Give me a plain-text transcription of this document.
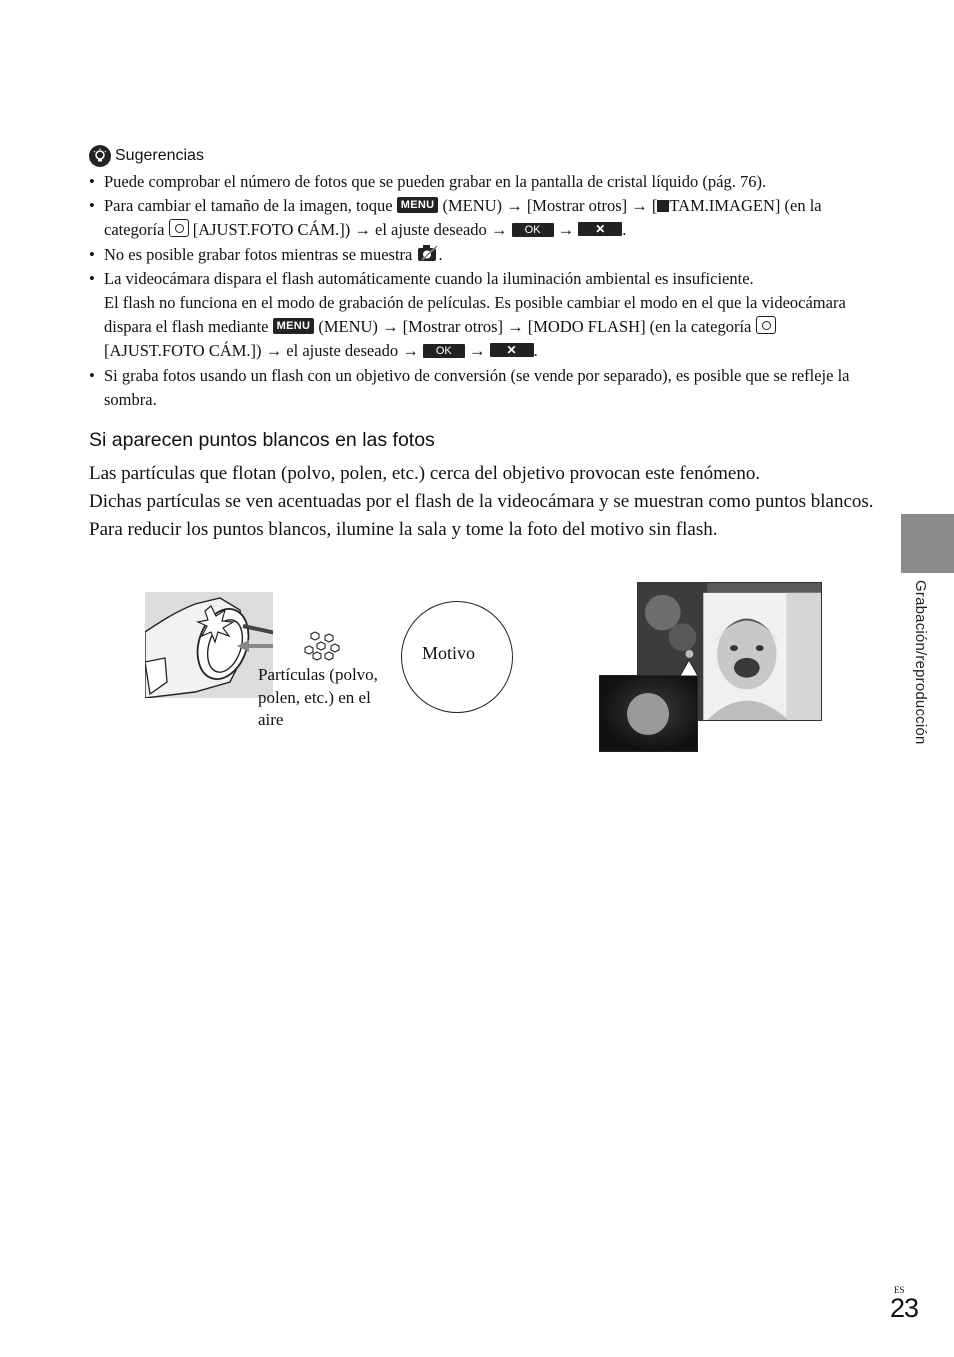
Sugerencias
• Puede comprobar el número de fotos que se pueden grabar en la pantalla de cristal líquido (pág. 76).
• Para cambiar el tamaño de la imagen, toque MENU (MENU) → [Mostrar otros] → [ TAM.IMAGEN] (en la categoría [AJUST.FOTO CÁM.]) → el ajuste deseado → OK → ✕ .
• No es posible grabar fotos mientras se muestra .
• La videocámara dispara el flash automáticamente cuando la iluminación ambiental es insuficiente.
El flash no funciona en el modo de grabación de películas. Es posible cambiar el modo en el que la videocámara dispara el flash mediante MENU (MENU) → [Mostrar otros] → [MODO FLASH] (en la categoría  [AJUST.FOTO CÁM.]) → el ajuste deseado → OK → ✕ .
• Si graba fotos usando un flash con un objetivo de conversión (se vende por separado), es posible que se refleje la sombra.
Si aparecen puntos blancos en las fotos

Las partículas que flotan (polvo, polen, etc.) cerca del objetivo provocan este fenómeno.

Dichas partículas se ven acentuadas por el flash de la videocámara y se muestran como puntos blancos.

Para reducir los puntos blancos, ilumine la sala y tome la foto del motivo sin flash.

Partículas (polvo, polen, etc.) en el aire
Motivo	Grabación/reproducción
ES
23
